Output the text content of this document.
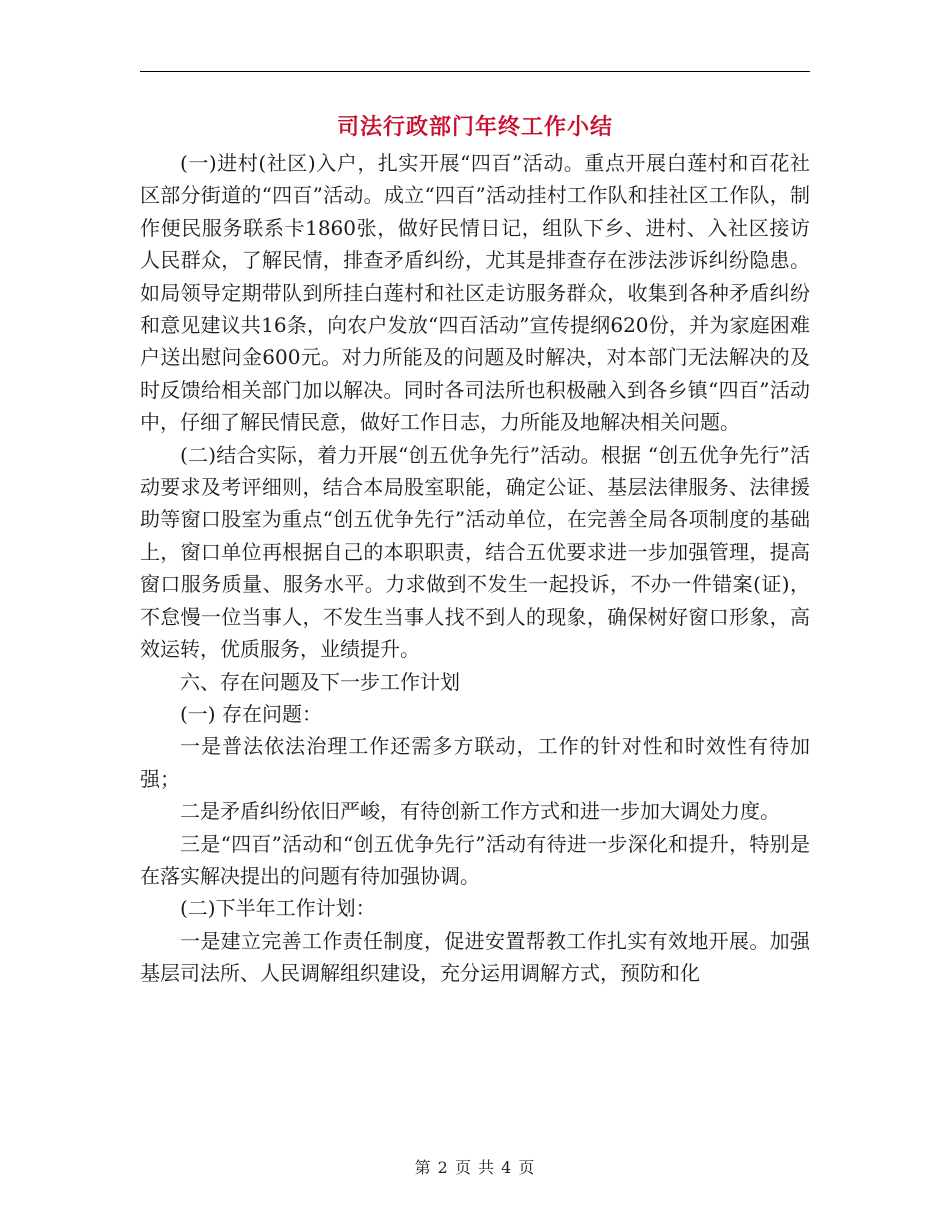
司法行政部门年终工作小结

(一)进村(社区)入户，扎实开展“四百”活动。重点开展白莲村和百花社区部分街道的“四百”活动。成立“四百”活动挂村工作队和挂社区工作队，制作便民服务联系卡1860张，做好民情日记，组队下乡、进村、入社区接访人民群众，了解民情，排查矛盾纠纷，尤其是排查存在涉法涉诉纠纷隐患。如局领导定期带队到所挂白莲村和社区走访服务群众，收集到各种矛盾纠纷和意见建议共16条，向农户发放“四百活动”宣传提纲620份，并为家庭困难户送出慰问金600元。对力所能及的问题及时解决，对本部门无法解决的及时反馈给相关部门加以解决。同时各司法所也积极融入到各乡镇“四百”活动中，仔细了解民情民意，做好工作日志，力所能及地解决相关问题。

(二)结合实际，着力开展“创五优争先行”活动。根据 “创五优争先行”活动要求及考评细则，结合本局股室职能，确定公证、基层法律服务、法律援助等窗口股室为重点“创五优争先行”活动单位，在完善全局各项制度的基础上，窗口单位再根据自己的本职职责，结合五优要求进一步加强管理，提高窗口服务质量、服务水平。力求做到不发生一起投诉，不办一件错案(证)，不怠慢一位当事人，不发生当事人找不到人的现象，确保树好窗口形象，高效运转，优质服务，业绩提升。

六、存在问题及下一步工作计划

(一) 存在问题：

一是普法依法治理工作还需多方联动，工作的针对性和时效性有待加强；

二是矛盾纠纷依旧严峻，有待创新工作方式和进一步加大调处力度。

三是“四百”活动和“创五优争先行”活动有待进一步深化和提升，特别是在落实解决提出的问题有待加强协调。

(二)下半年工作计划：

一是建立完善工作责任制度，促进安置帮教工作扎实有效地开展。加强基层司法所、人民调解组织建设，充分运用调解方式，预防和化

第 2 页 共 4 页
